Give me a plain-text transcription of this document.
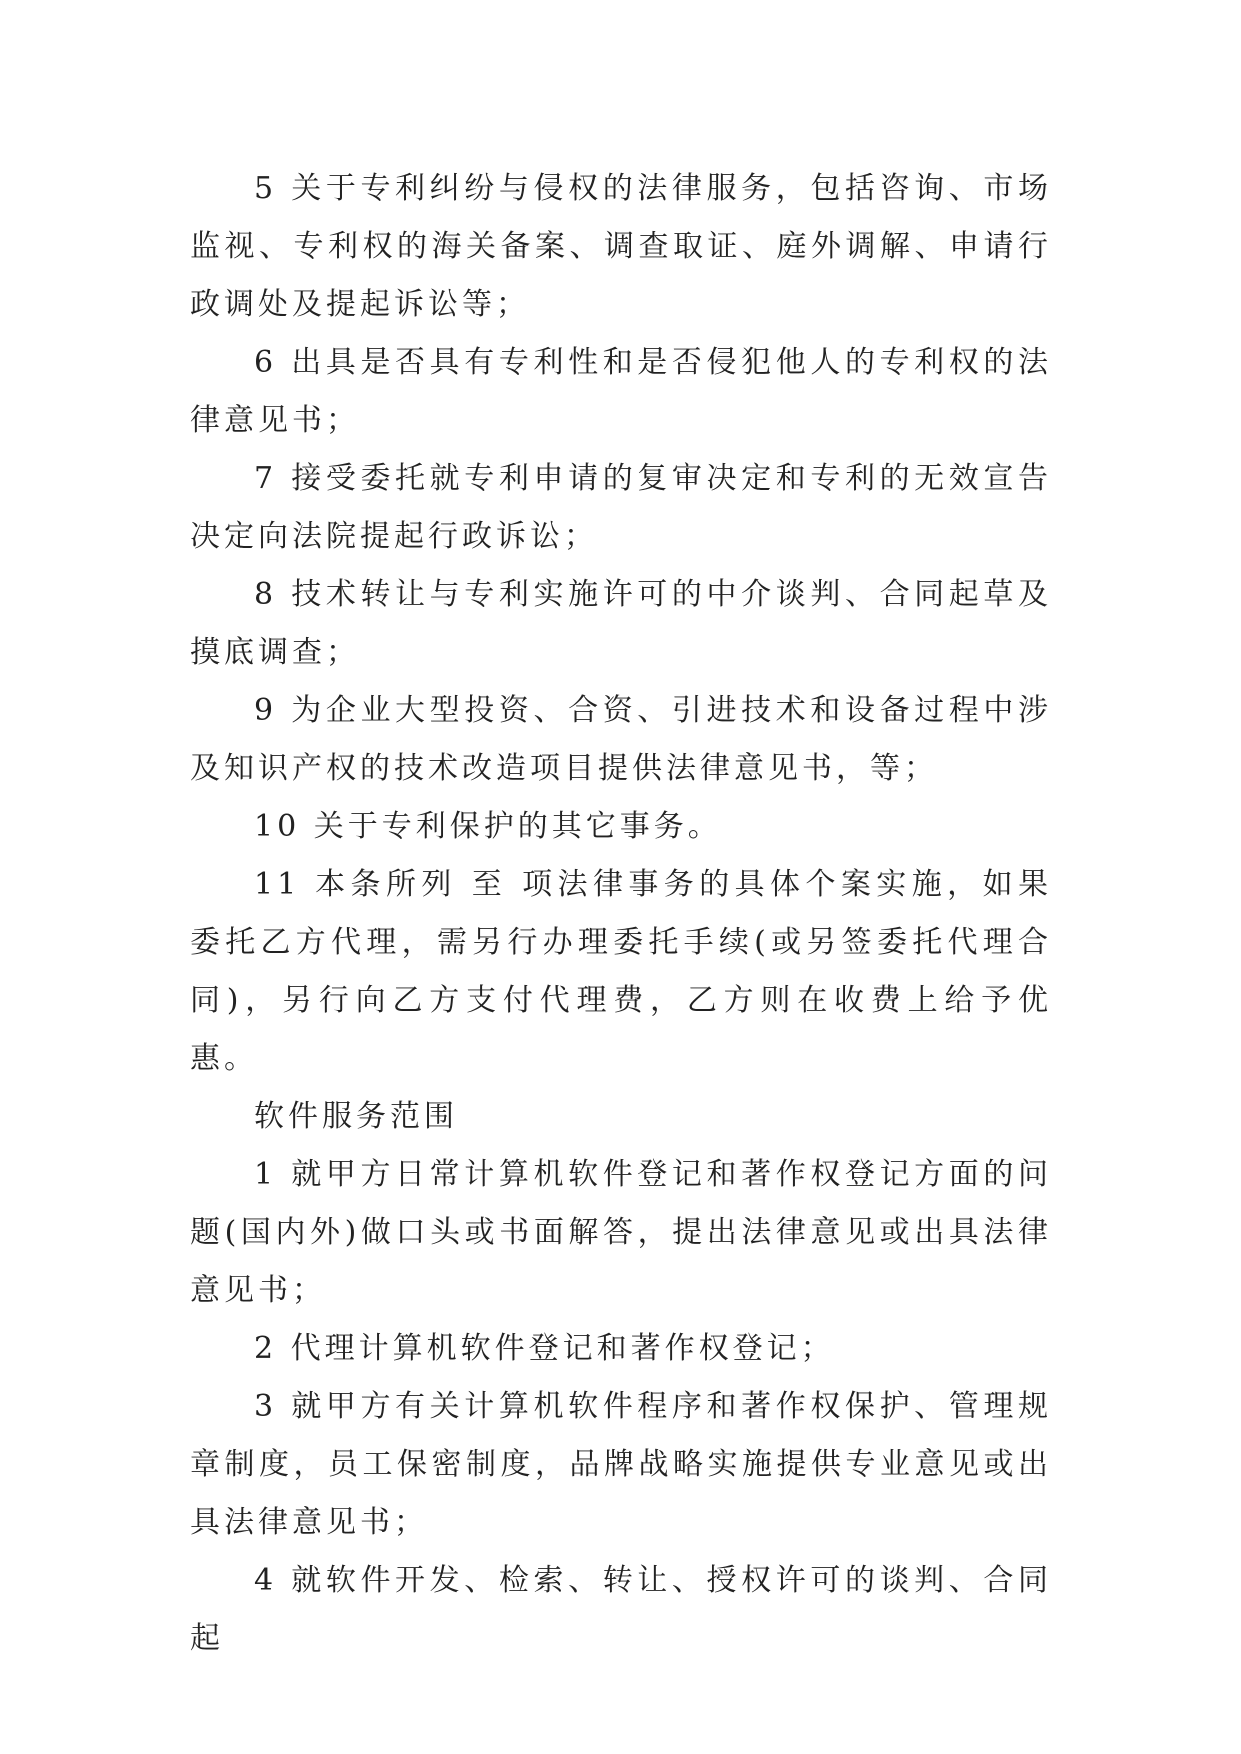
5 关于专利纠纷与侵权的法律服务，包括咨询、市场监视、专利权的海关备案、调查取证、庭外调解、申请行政调处及提起诉讼等；

6 出具是否具有专利性和是否侵犯他人的专利权的法律意见书；

7 接受委托就专利申请的复审决定和专利的无效宣告决定向法院提起行政诉讼；

8 技术转让与专利实施许可的中介谈判、合同起草及摸底调查；

9 为企业大型投资、合资、引进技术和设备过程中涉及知识产权的技术改造项目提供法律意见书，等；

10 关于专利保护的其它事务。

11 本条所列 至 项法律事务的具体个案实施，如果委托乙方代理，需另行办理委托手续(或另签委托代理合同)，另行向乙方支付代理费，乙方则在收费上给予优惠。

软件服务范围

1 就甲方日常计算机软件登记和著作权登记方面的问题(国内外)做口头或书面解答，提出法律意见或出具法律意见书；

2 代理计算机软件登记和著作权登记；

3 就甲方有关计算机软件程序和著作权保护、管理规章制度，员工保密制度，品牌战略实施提供专业意见或出具法律意见书；

4 就软件开发、检索、转让、授权许可的谈判、合同起
